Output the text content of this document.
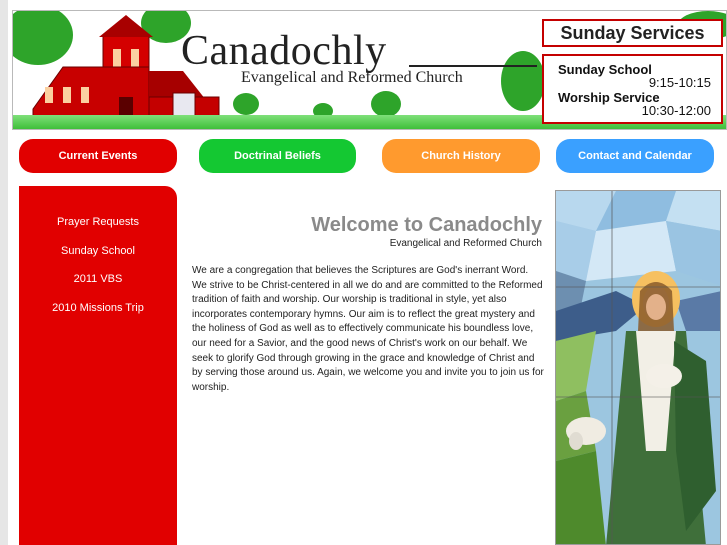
Canadochly
Evangelical and Reformed Church
Sunday Services
Sunday School
9:15-10:15
Worship Service
10:30-12:00
Current Events	Doctrinal Beliefs	Church History	Contact and Calendar
Prayer Requests
Sunday School
2011 VBS
2010 Missions Trip
Welcome to Canadochly
Evangelical and Reformed Church
We are a congregation that believes the Scriptures are God's inerrant Word. We strive to be Christ-centered in all we do and are committed to the Reformed tradition of faith and worship. Our worship is traditional in style, yet also incorporates contemporary hymns. Our aim is to reflect the great mystery and the holiness of God as well as to effectively communicate his boundless love, our need for a Savior, and the good news of Christ's work on our behalf. We seek to glorify God through growing in the grace and knowledge of Christ and by serving those around us. Again, we welcome you and invite you to join us for worship.
